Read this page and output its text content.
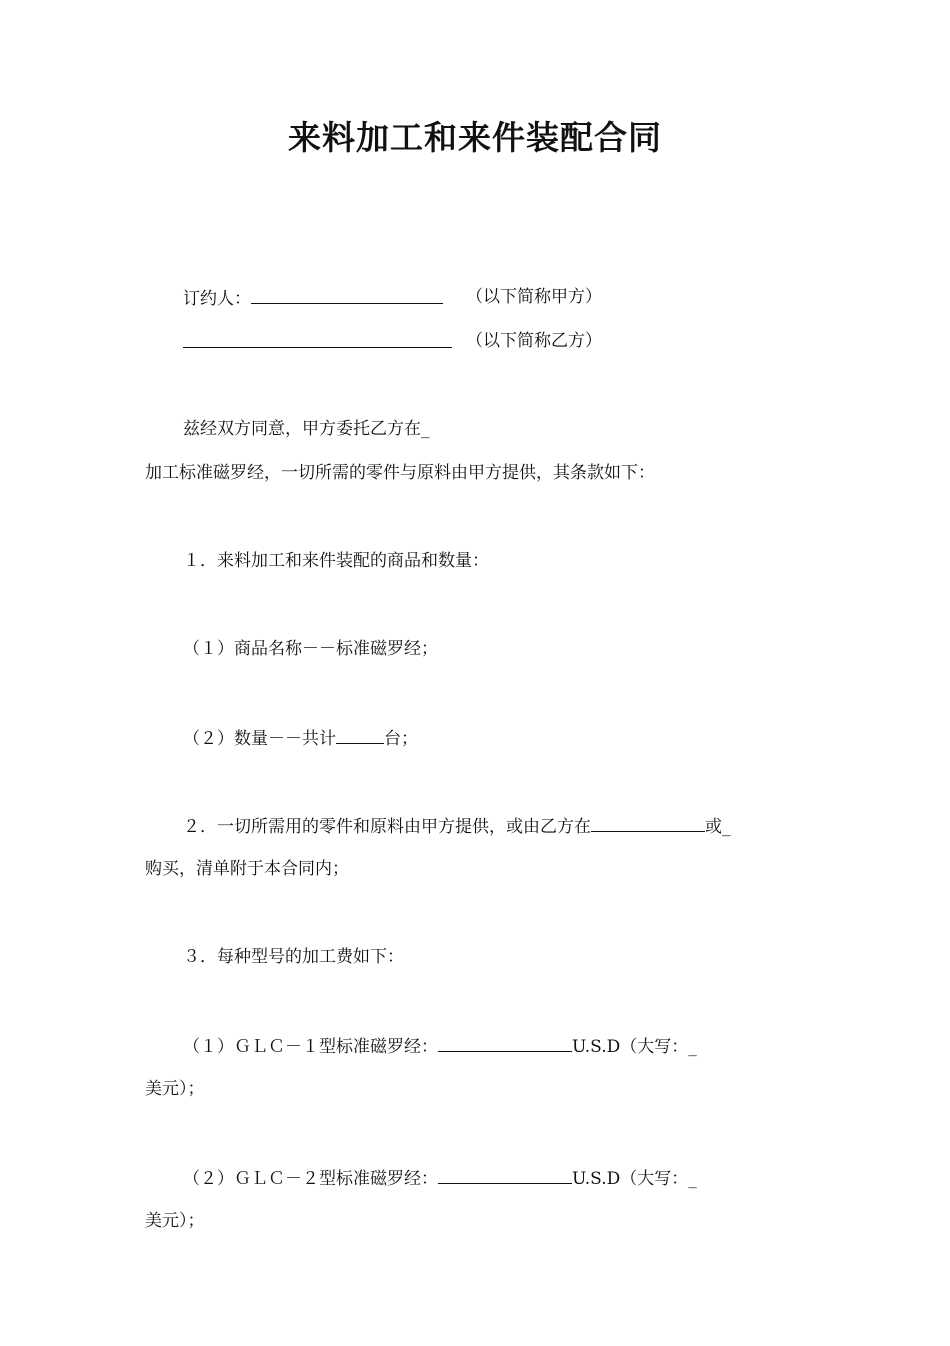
来料加工和来件装配合同
订约人：	（以下简称甲方）
（以下简称乙方）
兹经双方同意，甲方委托乙方在_
加工标准磁罗经，一切所需的零件与原料由甲方提供，其条款如下：
１．来料加工和来件装配的商品和数量：
（１）商品名称－－标准磁罗经；
（２）数量－－共计	台；
２．一切所需用的零件和原料由甲方提供，或由乙方在	或_
购买，清单附于本合同内；
３．每种型号的加工费如下：
（１）ＧＬＣ－１型标准磁罗经：	U.S.D（大写：_
美元）；
（２）ＧＬＣ－２型标准磁罗经：	U.S.D（大写：_
美元）；
